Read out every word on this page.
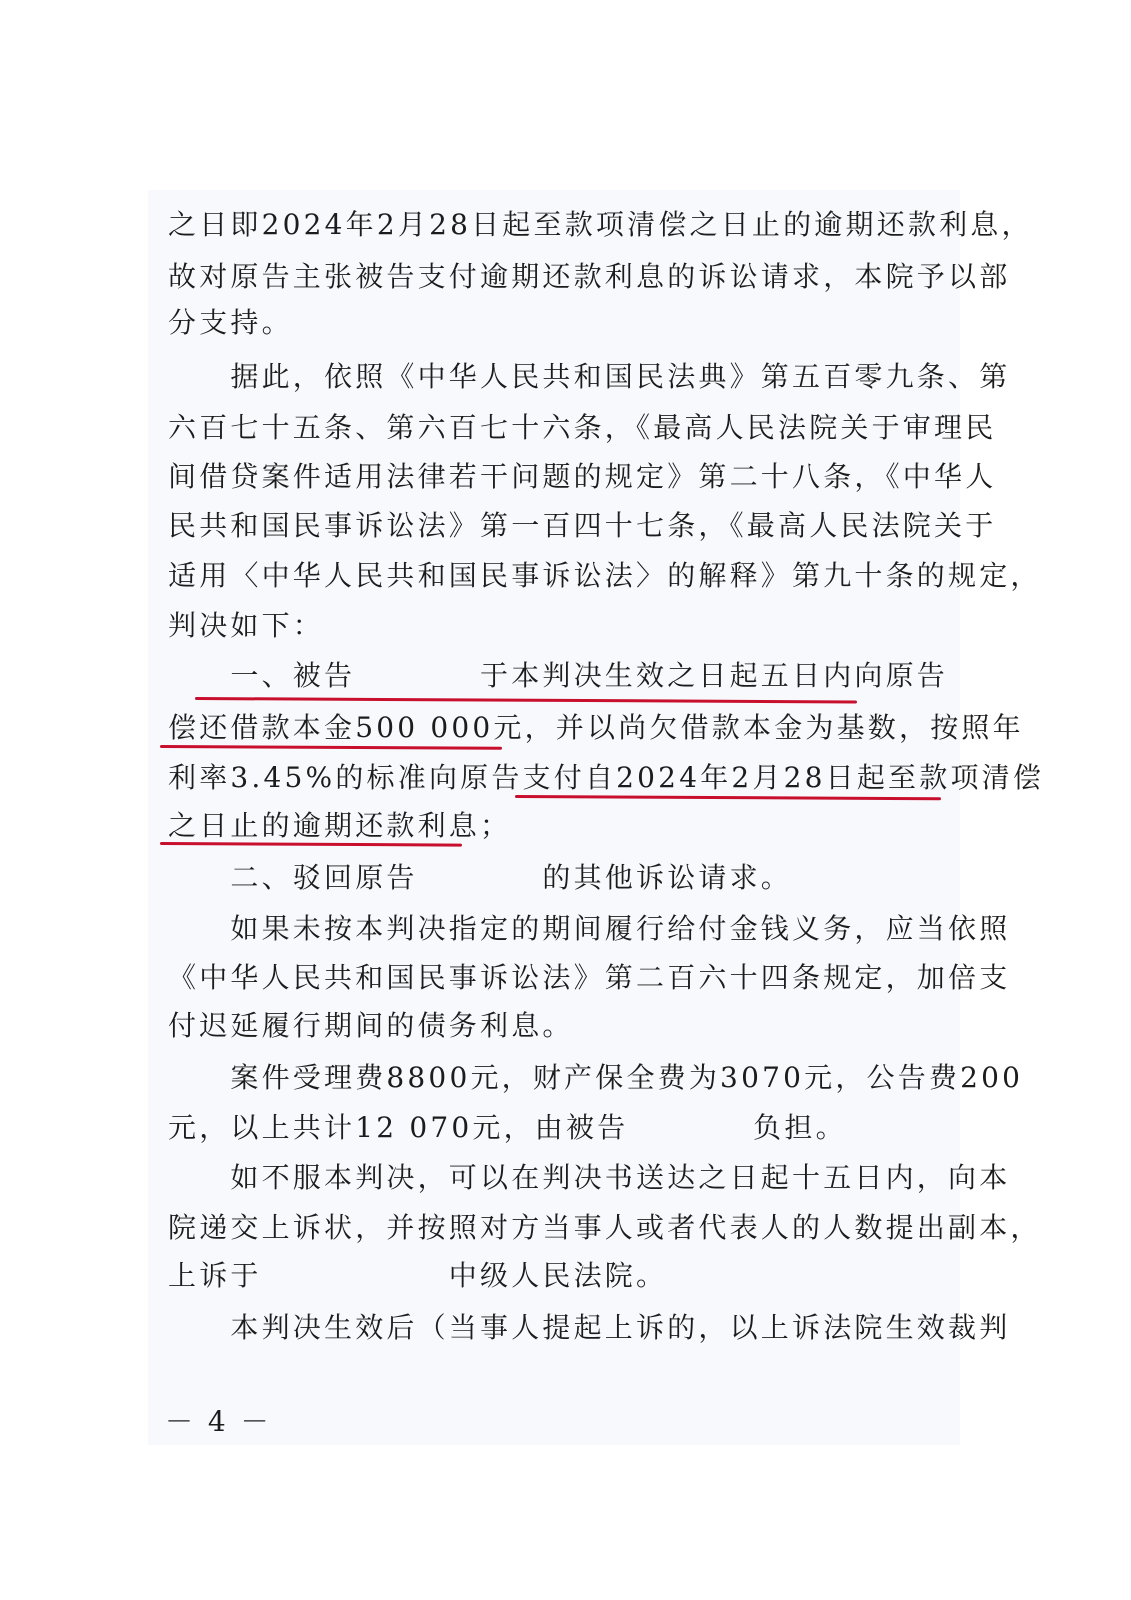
之日即2024年2月28日起至款项清偿之日止的逾期还款利息，

故对原告主张被告支付逾期还款利息的诉讼请求，本院予以部

分支持。

　　据此，依照《中华人民共和国民法典》第五百零九条、第

六百七十五条、第六百七十六条，《最高人民法院关于审理民

间借贷案件适用法律若干问题的规定》第二十八条，《中华人

民共和国民事诉讼法》第一百四十七条，《最高人民法院关于

适用〈中华人民共和国民事诉讼法〉的解释》第九十条的规定，

判决如下：

　　一、被告　　　　于本判决生效之日起五日内向原告

偿还借款本金500 000元，并以尚欠借款本金为基数，按照年

利率3.45%的标准向原告支付自2024年2月28日起至款项清偿

之日止的逾期还款利息；

　　二、驳回原告　　　　的其他诉讼请求。

　　如果未按本判决指定的期间履行给付金钱义务，应当依照

《中华人民共和国民事诉讼法》第二百六十四条规定，加倍支

付迟延履行期间的债务利息。

　　案件受理费8800元，财产保全费为3070元，公告费200

元，以上共计12 070元，由被告　　　　负担。

　　如不服本判决，可以在判决书送达之日起十五日内，向本

院递交上诉状，并按照对方当事人或者代表人的人数提出副本，

上诉于　　　　　　中级人民法院。

　　本判决生效后（当事人提起上诉的，以上诉法院生效裁判

－ 4 －
